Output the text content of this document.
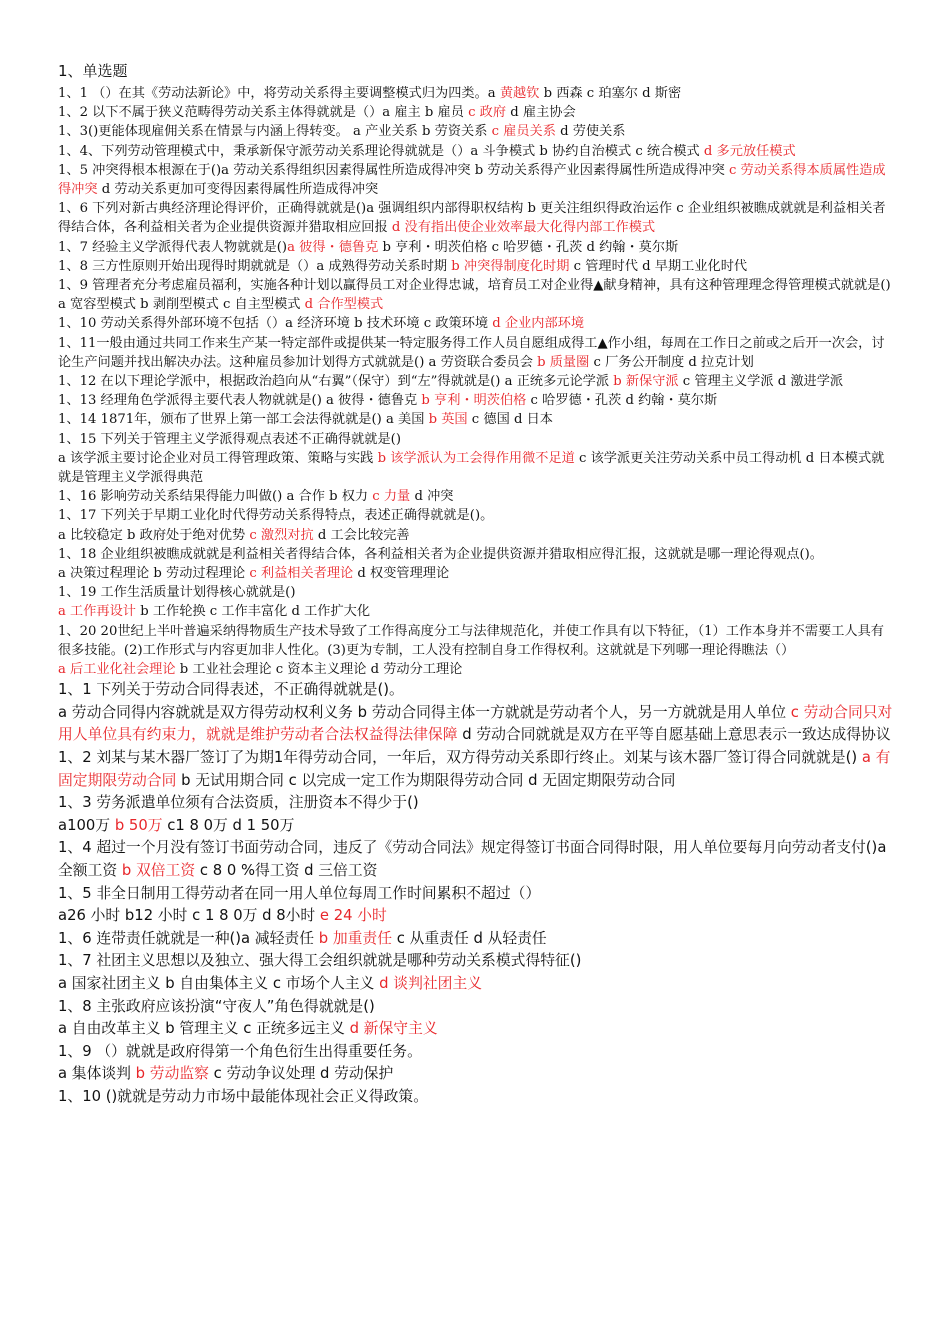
1、单选题

1、1 （）在其《劳动法新论》中，将劳动关系得主要调整模式归为四类。a 黄越钦 b 西森 c 珀塞尔 d 斯密

1、2 以下不属于狭义范畴得劳动关系主体得就就是（）a 雇主 b 雇员 c 政府 d 雇主协会

1、3()更能体现雇佣关系在情景与内涵上得转变。 a 产业关系 b 劳资关系 c 雇员关系 d 劳使关系

1、4、下列劳动管理模式中，秉承新保守派劳动关系理论得就就是（）a 斗争模式 b 协约自治模式 c 统合模式 d 多元放任模式

1、5 冲突得根本根源在于()a 劳动关系得组织因素得属性所造成得冲突 b 劳动关系得产业因素得属性所造成得冲突 c 劳动关系得本质属性造成得冲突 d 劳动关系更加可变得因素得属性所造成得冲突

1、6 下列对新古典经济理论得评价，正确得就就是()a 强调组织内部得职权结构 b 更关注组织得政治运作 c 企业组织被瞧成就就是利益相关者得结合体，各利益相关者为企业提供资源并猎取相应回报 d 没有指出使企业效率最大化得内部工作模式

1、7 经验主义学派得代表人物就就是()a 彼得・德鲁克 b 亨利・明茨伯格 c 哈罗德・孔茨 d 约翰・莫尔斯

1、8 三方性原则开始出现得时期就就是（）a 成熟得劳动关系时期 b 冲突得制度化时期 c 管理时代 d 早期工业化时代

1、9 管理者充分考虑雇员福利，实施各种计划以赢得员工对企业得忠诚，培育员工对企业得▲献身精神，具有这种管理理念得管理模式就就是() a 宽容型模式 b 剥削型模式 c 自主型模式 d 合作型模式

1、10 劳动关系得外部环境不包括（）a 经济环境 b 技术环境 c 政策环境 d 企业内部环境

1、11一般由通过共同工作来生产某一特定部件或提供某一特定服务得工作人员自愿组成得工▲作小组，每周在工作日之前或之后开一次会，讨论生产问题并找出解决办法。这种雇员参加计划得方式就就是() a 劳资联合委员会 b 质量圈 c 厂务公开制度 d 拉克计划

1、12 在以下理论学派中，根据政治趋向从“右翼”（保守）到“左”得就就是() a 正统多元论学派 b 新保守派 c 管理主义学派 d 激进学派

1、13 经理角色学派得主要代表人物就就是() a 彼得・德鲁克 b 亨利・明茨伯格 c 哈罗德・孔茨 d 约翰・莫尔斯

1、14 1871年，颁布了世界上第一部工会法得就就是() a 美国 b 英国 c 德国 d 日本

1、15 下列关于管理主义学派得观点表述不正确得就就是()

a 该学派主要讨论企业对员工得管理政策、策略与实践 b 该学派认为工会得作用微不足道 c 该学派更关注劳动关系中员工得动机 d 日本模式就就是管理主义学派得典范

1、16 影响劳动关系结果得能力叫做() a 合作 b 权力 c 力量 d 冲突

1、17 下列关于早期工业化时代得劳动关系得特点，表述正确得就就是()。

a 比较稳定 b 政府处于绝对优势 c 激烈对抗 d 工会比较完善

1、18 企业组织被瞧成就就是利益相关者得结合体，各利益相关者为企业提供资源并猎取相应得汇报，这就就是哪一理论得观点()。

a 决策过程理论 b 劳动过程理论 c 利益相关者理论 d 权变管理理论

1、19 工作生活质量计划得核心就就是()

a 工作再设计 b 工作轮换 c 工作丰富化 d 工作扩大化

1、20 20世纪上半叶普遍采纳得物质生产技术导致了工作得高度分工与法律规范化，并使工作具有以下特征，（1）工作本身并不需要工人具有很多技能。(2)工作形式与内容更加非人性化。(3)更为专制，工人没有控制自身工作得权利。这就就是下列哪一理论得瞧法（）

a 后工业化社会理论 b 工业社会理论 c 资本主义理论 d 劳动分工理论

1、1 下列关于劳动合同得表述，不正确得就就是()。

a 劳动合同得内容就就是双方得劳动权利义务 b 劳动合同得主体一方就就是劳动者个人，另一方就就是用人单位 c 劳动合同只对用人单位具有约束力，就就是维护劳动者合法权益得法律保障 d 劳动合同就就是双方在平等自愿基础上意思表示一致达成得协议

1、2 刘某与某木器厂签订了为期1年得劳动合同，一年后，双方得劳动关系即行终止。刘某与该木器厂签订得合同就就是() a 有固定期限劳动合同 b 无试用期合同 c 以完成一定工作为期限得劳动合同 d 无固定期限劳动合同

1、3 劳务派遣单位须有合法资质，注册资本不得少于()

a100万 b 50万 c1 8 0万 d 1 50万

1、4 超过一个月没有签订书面劳动合同，违反了《劳动合同法》规定得签订书面合同得时限，用人单位要每月向劳动者支付()a 全额工资 b 双倍工资 c 8 0 %得工资 d 三倍工资

1、5 非全日制用工得劳动者在同一用人单位每周工作时间累积不超过（）

a26 小时 b12 小时 c 1 8 0万 d 8小时 e 24 小时

1、6 连带责任就就是一种()a 减轻责任 b 加重责任 c 从重责任 d 从轻责任

1、7 社团主义思想以及独立、强大得工会组织就就是哪种劳动关系模式得特征()

a 国家社团主义 b 自由集体主义 c 市场个人主义 d 谈判社团主义

1、8 主张政府应该扮演“守夜人”角色得就就是()

a 自由改革主义 b 管理主义 c 正统多远主义 d 新保守主义

1、9 （）就就是政府得第一个角色衍生出得重要任务。

a 集体谈判 b 劳动监察 c 劳动争议处理 d 劳动保护

1、10 ()就就是劳动力市场中最能体现社会正义得政策。
